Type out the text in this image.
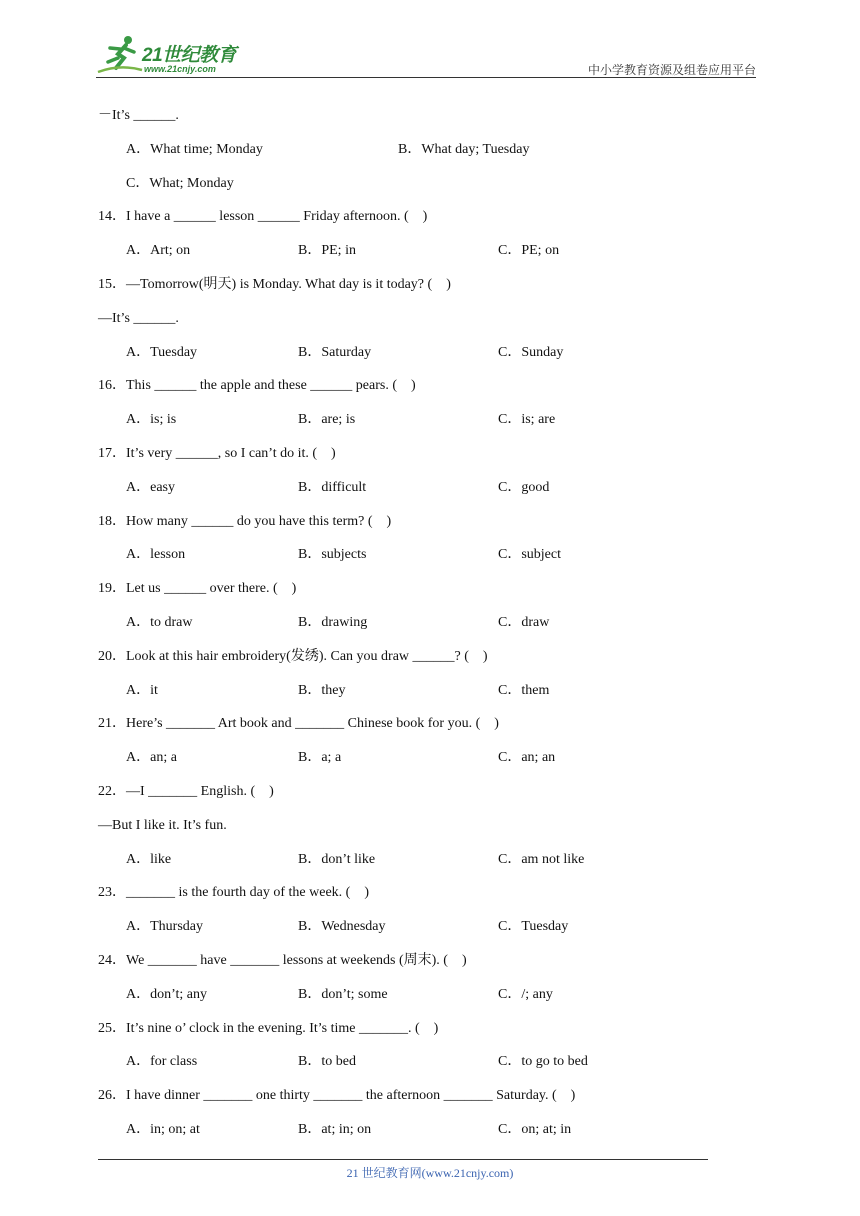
21世纪教育
www.21cnjy.com	中小学教育资源及组卷应用平台
－It’s ______.
A．What time; Monday	B．What day; Tuesday
C．What; Monday
14．I have a ______ lesson ______ Friday afternoon. (　)
A．Art; on	B．PE; in	C．PE; on
15．—Tomorrow(明天) is Monday. What day is it today? (　)
—It’s ______.
A．Tuesday	B．Saturday	C．Sunday
16．This ______ the apple and these ______ pears. (　)
A．is; is	B．are; is	C．is; are
17．It’s very ______, so I can’t do it. (　)
A．easy	B．difficult	C．good
18．How many ______ do you have this term? (　)
A．lesson	B．subjects	C．subject
19．Let us ______ over there. (　)
A．to draw	B．drawing	C．draw
20．Look at this hair embroidery(发绣). Can you draw ______? (　)
A．it	B．they	C．them
21．Here’s _______ Art book and _______ Chinese book for you. (　)
A．an; a	B．a; a	C．an; an
22．—I _______ English. (　)
—But I like it. It’s fun.
A．like	B．don’t like	C．am not like
23．_______ is the fourth day of the week. (　)
A．Thursday	B．Wednesday	C．Tuesday
24．We _______ have _______ lessons at weekends (周末). (　)
A．don’t; any	B．don’t; some	C．/; any
25．It’s nine o’ clock in the evening. It’s time _______. (　)
A．for class	B．to bed	C．to go to bed
26．I have dinner _______ one thirty _______ the afternoon _______ Saturday. (　)
A．in; on; at	B．at; in; on	C．on; at; in
21 世纪教育网(www.21cnjy.com)
